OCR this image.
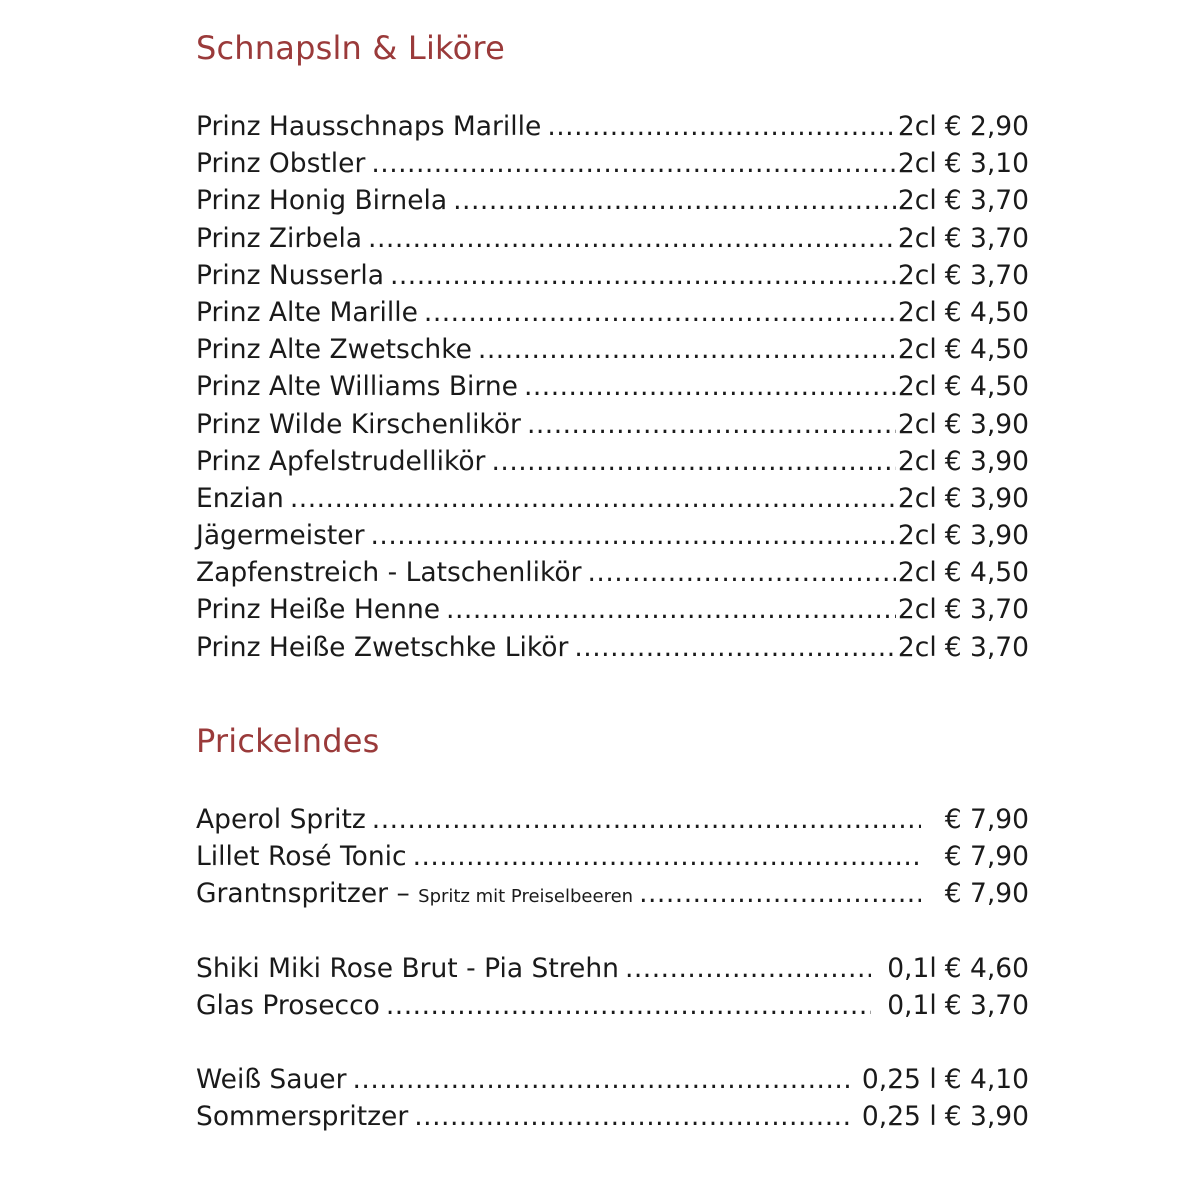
Schnapsln & Liköre
Prinz Hausschnaps Marille .....	2cl € 2,90
Prinz Obstler .....	2cl € 3,10
Prinz Honig Birnela .....	2cl € 3,70
Prinz Zirbela .....	2cl € 3,70
Prinz Nusserla .....	2cl € 3,70
Prinz Alte Marille .....	2cl € 4,50
Prinz Alte Zwetschke .....	2cl € 4,50
Prinz Alte Williams Birne .....	2cl € 4,50
Prinz Wilde Kirschenlikör .....	2cl € 3,90
Prinz Apfelstrudellikör .....	2cl € 3,90
Enzian .....	2cl € 3,90
Jägermeister .....	2cl € 3,90
Zapfenstreich - Latschenlikör .....	2cl € 4,50
Prinz Heiße Henne .....	2cl € 3,70
Prinz Heiße Zwetschke Likör .....	2cl € 3,70
Prickelndes
Aperol Spritz .....	€ 7,90
Lillet Rosé Tonic .....	€ 7,90
Grantnspritzer – Spritz mit Preiselbeeren .....	€ 7,90
Shiki Miki Rose Brut - Pia Strehn .....	0,1l € 4,60
Glas Prosecco .....	0,1l € 3,70
Weiß Sauer .....	0,25 l € 4,10
Sommerspritzer .....	0,25 l € 3,90
